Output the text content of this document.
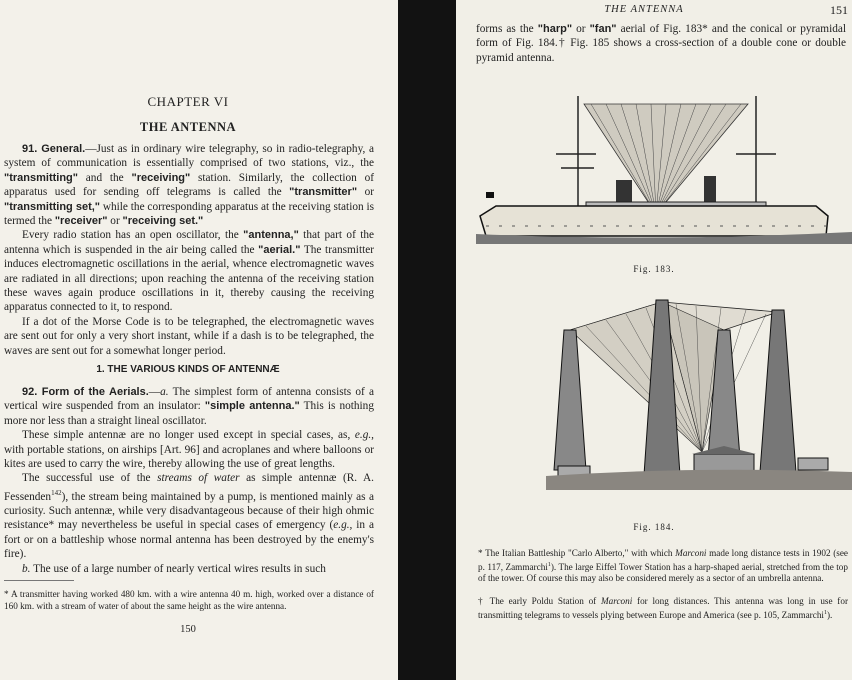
CHAPTER VI
THE ANTENNA

91. General.—Just as in ordinary wire telegraphy, so in radio-telegraphy, a system of communication is essentially comprised of two stations, viz., the "transmitting" and the "receiving" station. Similarly, the collection of apparatus used for sending off telegrams is called the "transmitter" or "transmitting set," while the corresponding apparatus at the receiving station is termed the "receiver" or "receiving set."

Every radio station has an open oscillator, the "antenna," that part of the antenna which is suspended in the air being called the "aerial." The transmitter induces electromagnetic oscillations in the aerial, whence electromagnetic waves are radiated in all directions; upon reaching the antenna of the receiving station these waves again produce oscillations in it, thereby causing the receiving apparatus connected to it, to respond.

If a dot of the Morse Code is to be telegraphed, the electromagnetic waves are sent out for only a very short instant, while if a dash is to be telegraphed, the waves are sent out for a somewhat longer period.

1. THE VARIOUS KINDS OF ANTENNÆ

92. Form of the Aerials.—a. The simplest form of antenna consists of a vertical wire suspended from an insulator: "simple antenna." This is nothing more nor less than a straight lineal oscillator.

These simple antennæ are no longer used except in special cases, as, e.g., with portable stations, on airships [Art. 96] and acroplanes and where balloons or kites are used to carry the wire, thereby allowing the use of great lengths.

The successful use of the streams of water as simple antennæ (R. A. Fessenden$^{142}$), the stream being maintained by a pump, is mentioned mainly as a curiosity. Such antennæ, while very disadvantageous because of their high ohmic resistance* may nevertheless be useful in special cases of emergency (e.g., in a fort or on a battleship whose normal antenna has been destroyed by the enemy's fire).

b. The use of a large number of nearly vertical wires results in such

* A transmitter having worked 480 km. with a wire antenna 40 m. high, worked over a distance of 160 km. with a stream of water of about the same height as the wire antenna.
150
THE ANTENNA	151
forms as the "harp" or "fan" aerial of Fig. 183* and the conical or pyramidal form of Fig. 184.† Fig. 185 shows a cross-section of a double cone or double pyramid antenna.
Fig. 183.
Fig. 184.
* The Italian Battleship "Carlo Alberto," with which Marconi made long distance tests in 1902 (see p. 117, Zammarchi$^1$). The large Eiffel Tower Station has a harp-shaped aerial, stretched from the top of the tower. Of course this may also be considered merely as a sector of an umbrella antenna.
† The early Poldu Station of Marconi for long distances. This antenna was long in use for transmitting telegrams to vessels plying between Europe and America (see p. 105, Zammarchi$^1$).
